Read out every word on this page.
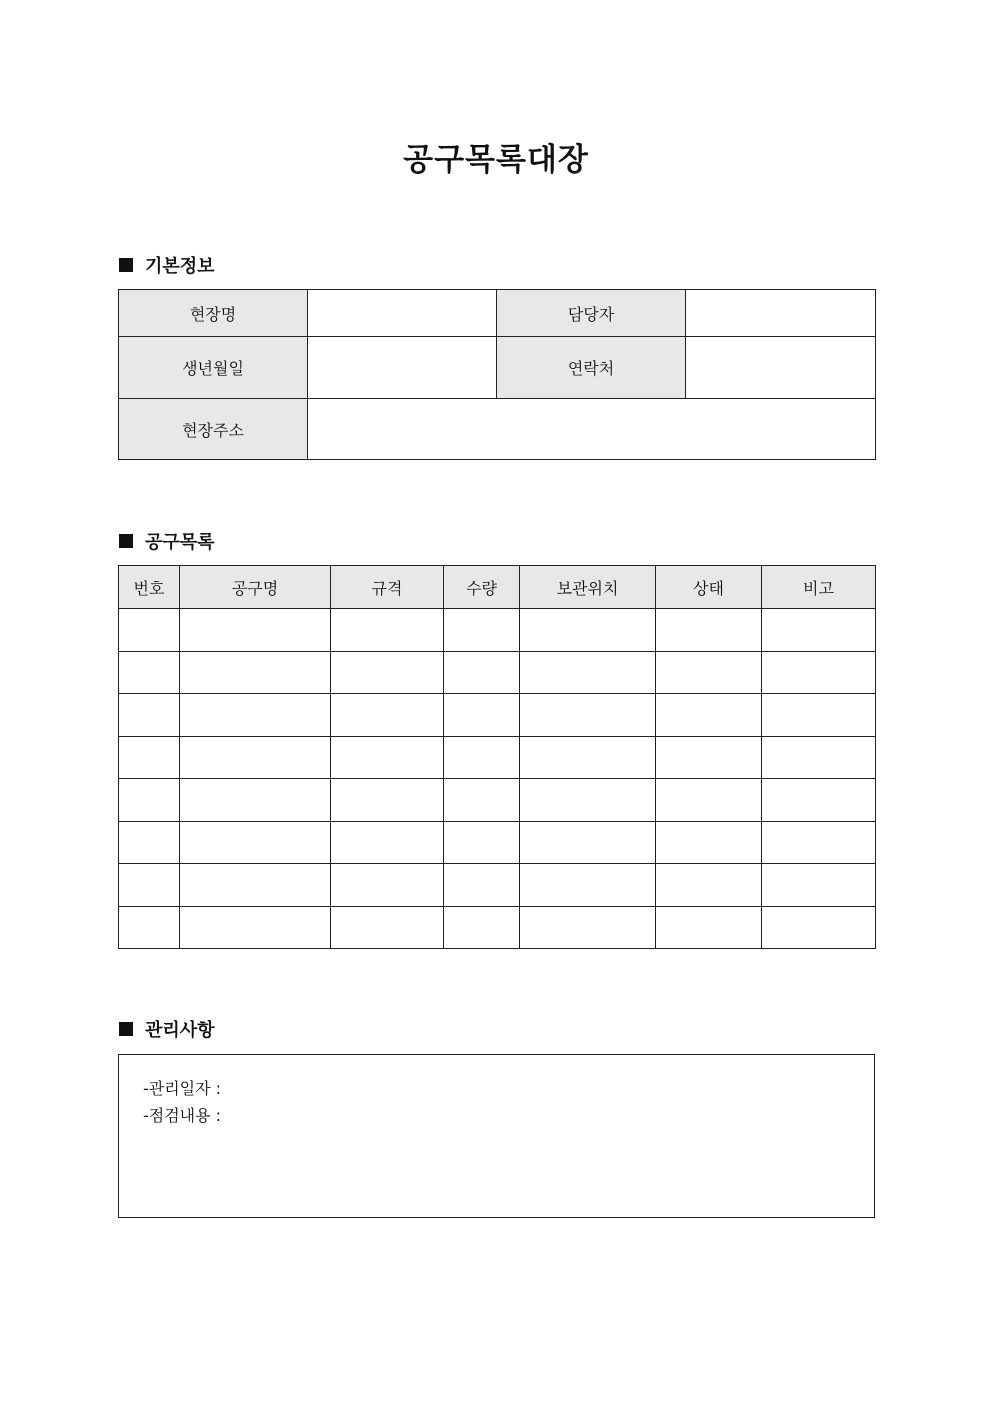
공구목록대장
기본정보
현장명		담당자	
생년월일		연락처	
현장주소			
공구목록
번호	공구명	규격	수량	보관위치	상태	비고

관리사항
-관리일자 :
-점검내용 :
